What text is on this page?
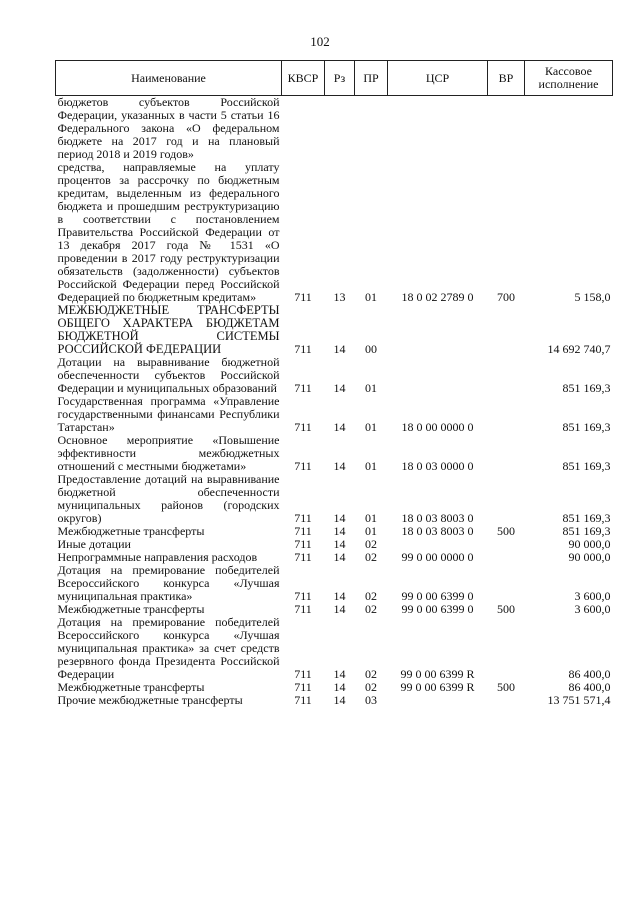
102
Наименование	КВСР	Рз	ПР	ЦСР	ВР	Кассовое исполнение
бюджетов субъектов Российской Федерации, указанных в части 5 статьи 16 Федерального закона «О федеральном бюджете на 2017 год и на плановый период 2018 и 2019 годов»						
средства, направляемые на уплату процентов за рассрочку по бюджетным кредитам, выделенным из федерального бюджета и прошедшим реструктуризацию в соответствии с постановлением Правительства Российской Федерации от 13 декабря 2017 года № 1531 «О проведении в 2017 году реструктуризации обязательств (задолженности) субъектов Российской Федерации перед Российской Федерацией по бюджетным кредитам»	711	13	01	18 0 02 2789 0	700	5 158,0
МЕЖБЮДЖЕТНЫЕ ТРАНСФЕРТЫ ОБЩЕГО ХАРАКТЕРА БЮДЖЕТАМ БЮДЖЕТНОЙ СИСТЕМЫ РОССИЙСКОЙ ФЕДЕРАЦИИ	711	14	00			14 692 740,7
Дотации на выравнивание бюджетной обеспеченности субъектов Российской Федерации и муниципальных образований	711	14	01			851 169,3
Государственная программа «Управление государственными финансами Республики Татарстан»	711	14	01	18 0 00 0000 0		851 169,3
Основное мероприятие «Повышение эффективности межбюджетных отношений с местными бюджетами»	711	14	01	18 0 03 0000 0		851 169,3
Предоставление дотаций на выравнивание бюджетной обеспеченности муниципальных районов (городских округов)	711	14	01	18 0 03 8003 0		851 169,3
Межбюджетные трансферты	711	14	01	18 0 03 8003 0	500	851 169,3
Иные дотации	711	14	02			90 000,0
Непрограммные направления расходов	711	14	02	99 0 00 0000 0		90 000,0
Дотация на премирование победителей Всероссийского конкурса «Лучшая муниципальная практика»	711	14	02	99 0 00 6399 0		3 600,0
Межбюджетные трансферты	711	14	02	99 0 00 6399 0	500	3 600,0
Дотация на премирование победителей Всероссийского конкурса «Лучшая муниципальная практика» за счет средств резервного фонда Президента Российской Федерации	711	14	02	99 0 00 6399 R		86 400,0
Межбюджетные трансферты	711	14	02	99 0 00 6399 R	500	86 400,0
Прочие межбюджетные трансферты	711	14	03			13 751 571,4
